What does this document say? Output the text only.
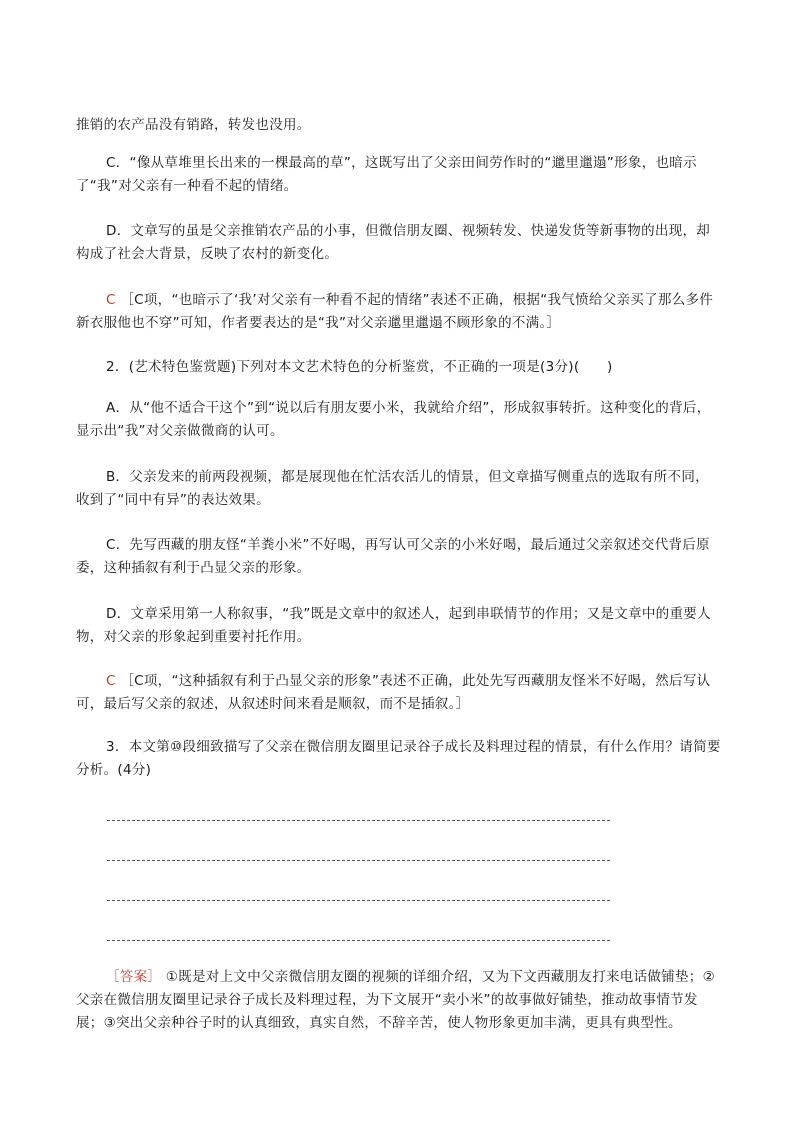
推销的农产品没有销路，转发也没用。

C．“像从草堆里长出来的一棵最高的草”，这既写出了父亲田间劳作时的“邋里邋遢”形象，也暗示了“我”对父亲有一种看不起的情绪。

D．文章写的虽是父亲推销农产品的小事，但微信朋友圈、视频转发、快递发货等新事物的出现，却构成了社会大背景，反映了农村的新变化。

C ［C项，“也暗示了‘我’对父亲有一种看不起的情绪”表述不正确，根据“我气愤给父亲买了那么多件新衣服他也不穿”可知，作者要表达的是“我”对父亲邋里邋遢不顾形象的不满。］

2．(艺术特色鉴赏题)下列对本文艺术特色的分析鉴赏，不正确的一项是(3分)(　　)

A．从“他不适合干这个”到“说以后有朋友要小米，我就给介绍”，形成叙事转折。这种变化的背后，显示出“我”对父亲做微商的认可。

B．父亲发来的前两段视频，都是展现他在忙活农活儿的情景，但文章描写侧重点的选取有所不同，收到了“同中有异”的表达效果。

C．先写西藏的朋友怪“羊粪小米”不好喝，再写认可父亲的小米好喝，最后通过父亲叙述交代背后原委，这种插叙有利于凸显父亲的形象。

D．文章采用第一人称叙事，“我”既是文章中的叙述人，起到串联情节的作用；又是文章中的重要人物，对父亲的形象起到重要衬托作用。

C ［C项，“这种插叙有利于凸显父亲的形象”表述不正确，此处先写西藏朋友怪米不好喝，然后写认可，最后写父亲的叙述，从叙述时间来看是顺叙，而不是插叙。］

3．本文第⑩段细致描写了父亲在微信朋友圈里记录谷子成长及料理过程的情景，有什么作用？请简要分析。(4分)

［答案］ ①既是对上文中父亲微信朋友圈的视频的详细介绍，又为下文西藏朋友打来电话做铺垫；②父亲在微信朋友圈里记录谷子成长及料理过程，为下文展开“卖小米”的故事做好铺垫，推动故事情节发展；③突出父亲种谷子时的认真细致，真实自然，不辞辛苦，使人物形象更加丰满，更具有典型性。
